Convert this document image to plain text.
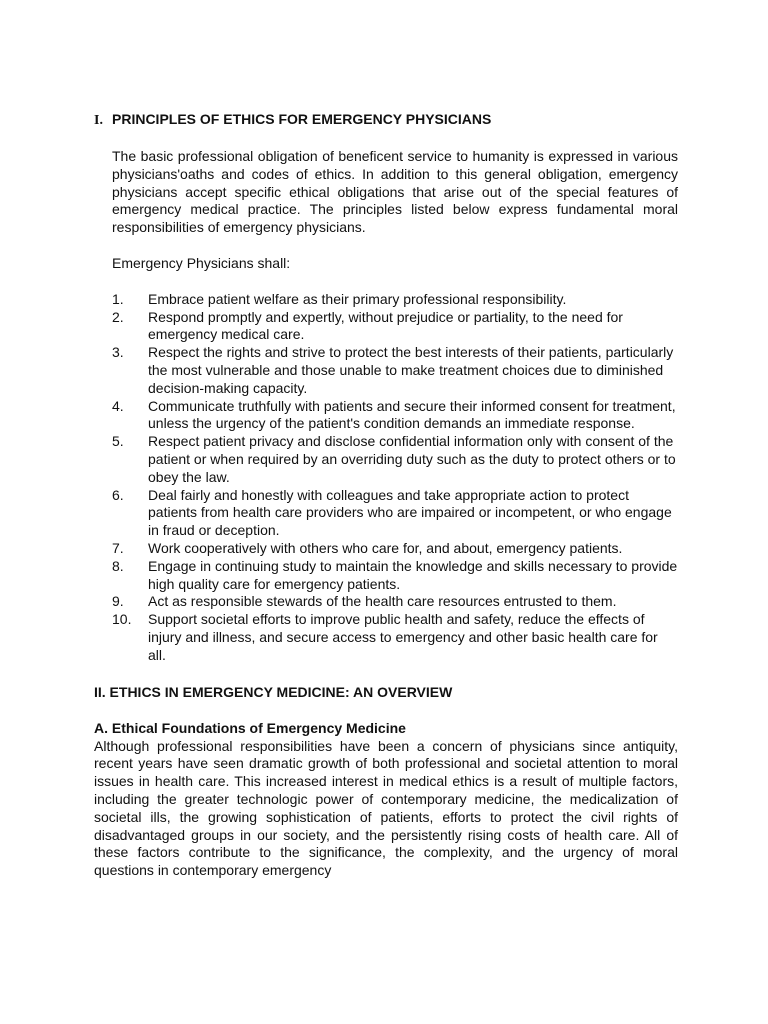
I. PRINCIPLES OF ETHICS FOR EMERGENCY PHYSICIANS

The basic professional obligation of beneficent service to humanity is expressed in various physicians'oaths and codes of ethics. In addition to this general obligation, emergency physicians accept specific ethical obligations that arise out of the special features of emergency medical practice. The principles listed below express fundamental moral responsibilities of emergency physicians.

Emergency Physicians shall:
1. Embrace patient welfare as their primary professional responsibility.
2. Respond promptly and expertly, without prejudice or partiality, to the need for emergency medical care.
3. Respect the rights and strive to protect the best interests of their patients, particularly the most vulnerable and those unable to make treatment choices due to diminished decision-making capacity.
4. Communicate truthfully with patients and secure their informed consent for treatment, unless the urgency of the patient's condition demands an immediate response.
5. Respect patient privacy and disclose confidential information only with consent of the patient or when required by an overriding duty such as the duty to protect others or to obey the law.
6. Deal fairly and honestly with colleagues and take appropriate action to protect patients from health care providers who are impaired or incompetent, or who engage in fraud or deception.
7. Work cooperatively with others who care for, and about, emergency patients.
8. Engage in continuing study to maintain the knowledge and skills necessary to provide high quality care for emergency patients.
9. Act as responsible stewards of the health care resources entrusted to them.
10. Support societal efforts to improve public health and safety, reduce the effects of injury and illness, and secure access to emergency and other basic health care for all.
II. ETHICS IN EMERGENCY MEDICINE: AN OVERVIEW
A. Ethical Foundations of Emergency Medicine

Although professional responsibilities have been a concern of physicians since antiquity, recent years have seen dramatic growth of both professional and societal attention to moral issues in health care. This increased interest in medical ethics is a result of multiple factors, including the greater technologic power of contemporary medicine, the medicalization of societal ills, the growing sophistication of patients, efforts to protect the civil rights of disadvantaged groups in our society, and the persistently rising costs of health care. All of these factors contribute to the significance, the complexity, and the urgency of moral questions in contemporary emergency
